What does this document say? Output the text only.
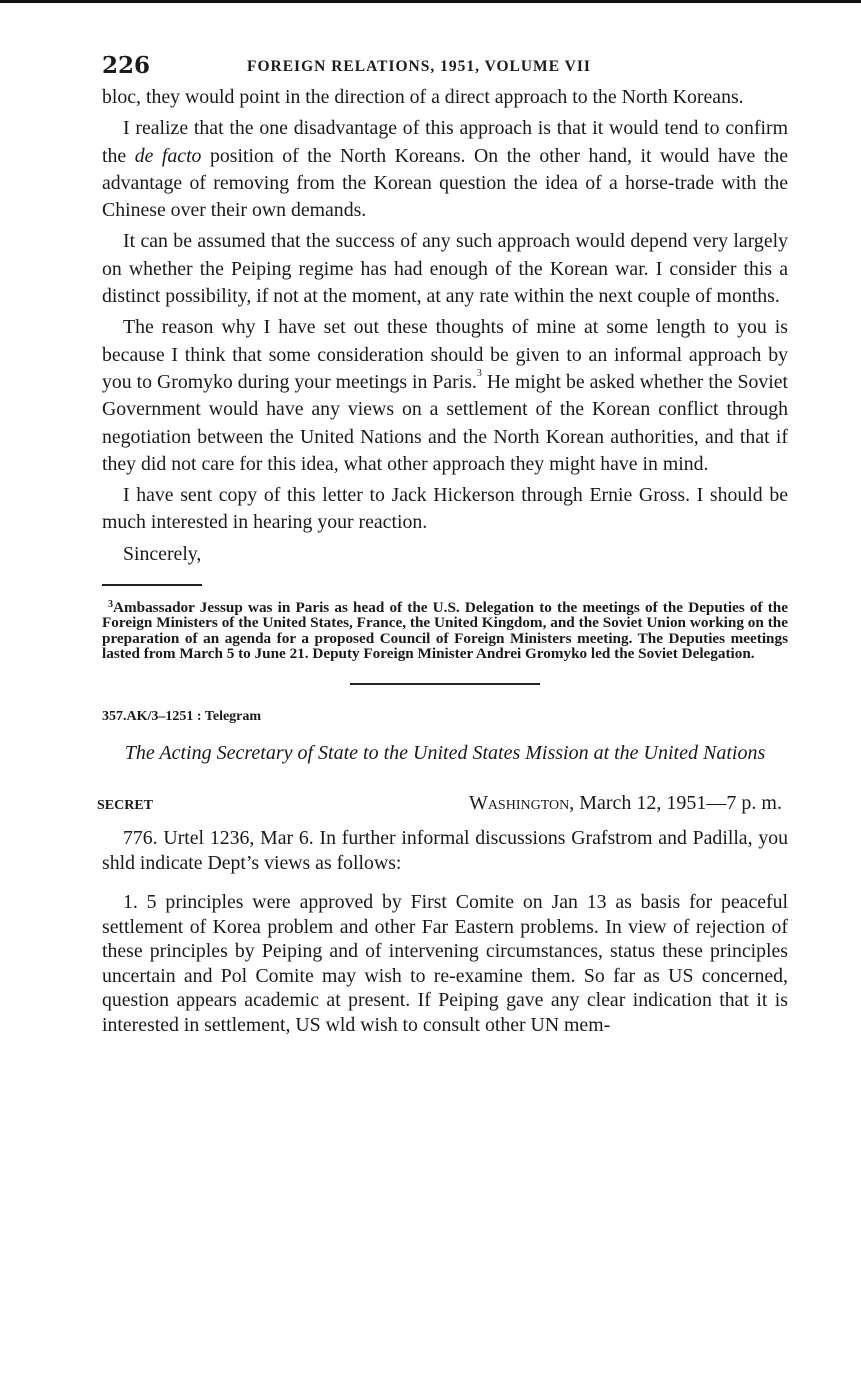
226	FOREIGN RELATIONS, 1951, VOLUME VII

bloc, they would point in the direction of a direct approach to the North Koreans.

I realize that the one disadvantage of this approach is that it would tend to confirm the de facto position of the North Koreans. On the other hand, it would have the advantage of removing from the Korean question the idea of a horse-trade with the Chinese over their own demands.

It can be assumed that the success of any such approach would depend very largely on whether the Peiping regime has had enough of the Korean war. I consider this a distinct possibility, if not at the moment, at any rate within the next couple of months.

The reason why I have set out these thoughts of mine at some length to you is because I think that some consideration should be given to an informal approach by you to Gromyko during your meetings in Paris.$^3$ He might be asked whether the Soviet Government would have any views on a settlement of the Korean conflict through negotiation between the United Nations and the North Korean authorities, and that if they did not care for this idea, what other approach they might have in mind.

I have sent copy of this letter to Jack Hickerson through Ernie Gross. I should be much interested in hearing your reaction.

Sincerely,

$^3$Ambassador Jessup was in Paris as head of the U.S. Delegation to the meetings of the Deputies of the Foreign Ministers of the United States, France, the United Kingdom, and the Soviet Union working on the preparation of an agenda for a proposed Council of Foreign Ministers meeting. The Deputies meetings lasted from March 5 to June 21. Deputy Foreign Minister Andrei Gromyko led the Soviet Delegation.
357.AK/3–1251 : Telegram
The Acting Secretary of State to the United States Mission at the United Nations
SECRET	Washington, March 12, 1951—7 p. m.

776. Urtel 1236, Mar 6. In further informal discussions Grafstrom and Padilla, you shld indicate Dept’s views as follows:

1. 5 principles were approved by First Comite on Jan 13 as basis for peaceful settlement of Korea problem and other Far Eastern problems. In view of rejection of these principles by Peiping and of intervening circumstances, status these principles uncertain and Pol Comite may wish to re-examine them. So far as US concerned, question appears academic at present. If Peiping gave any clear indication that it is interested in settlement, US wld wish to consult other UN mem-
